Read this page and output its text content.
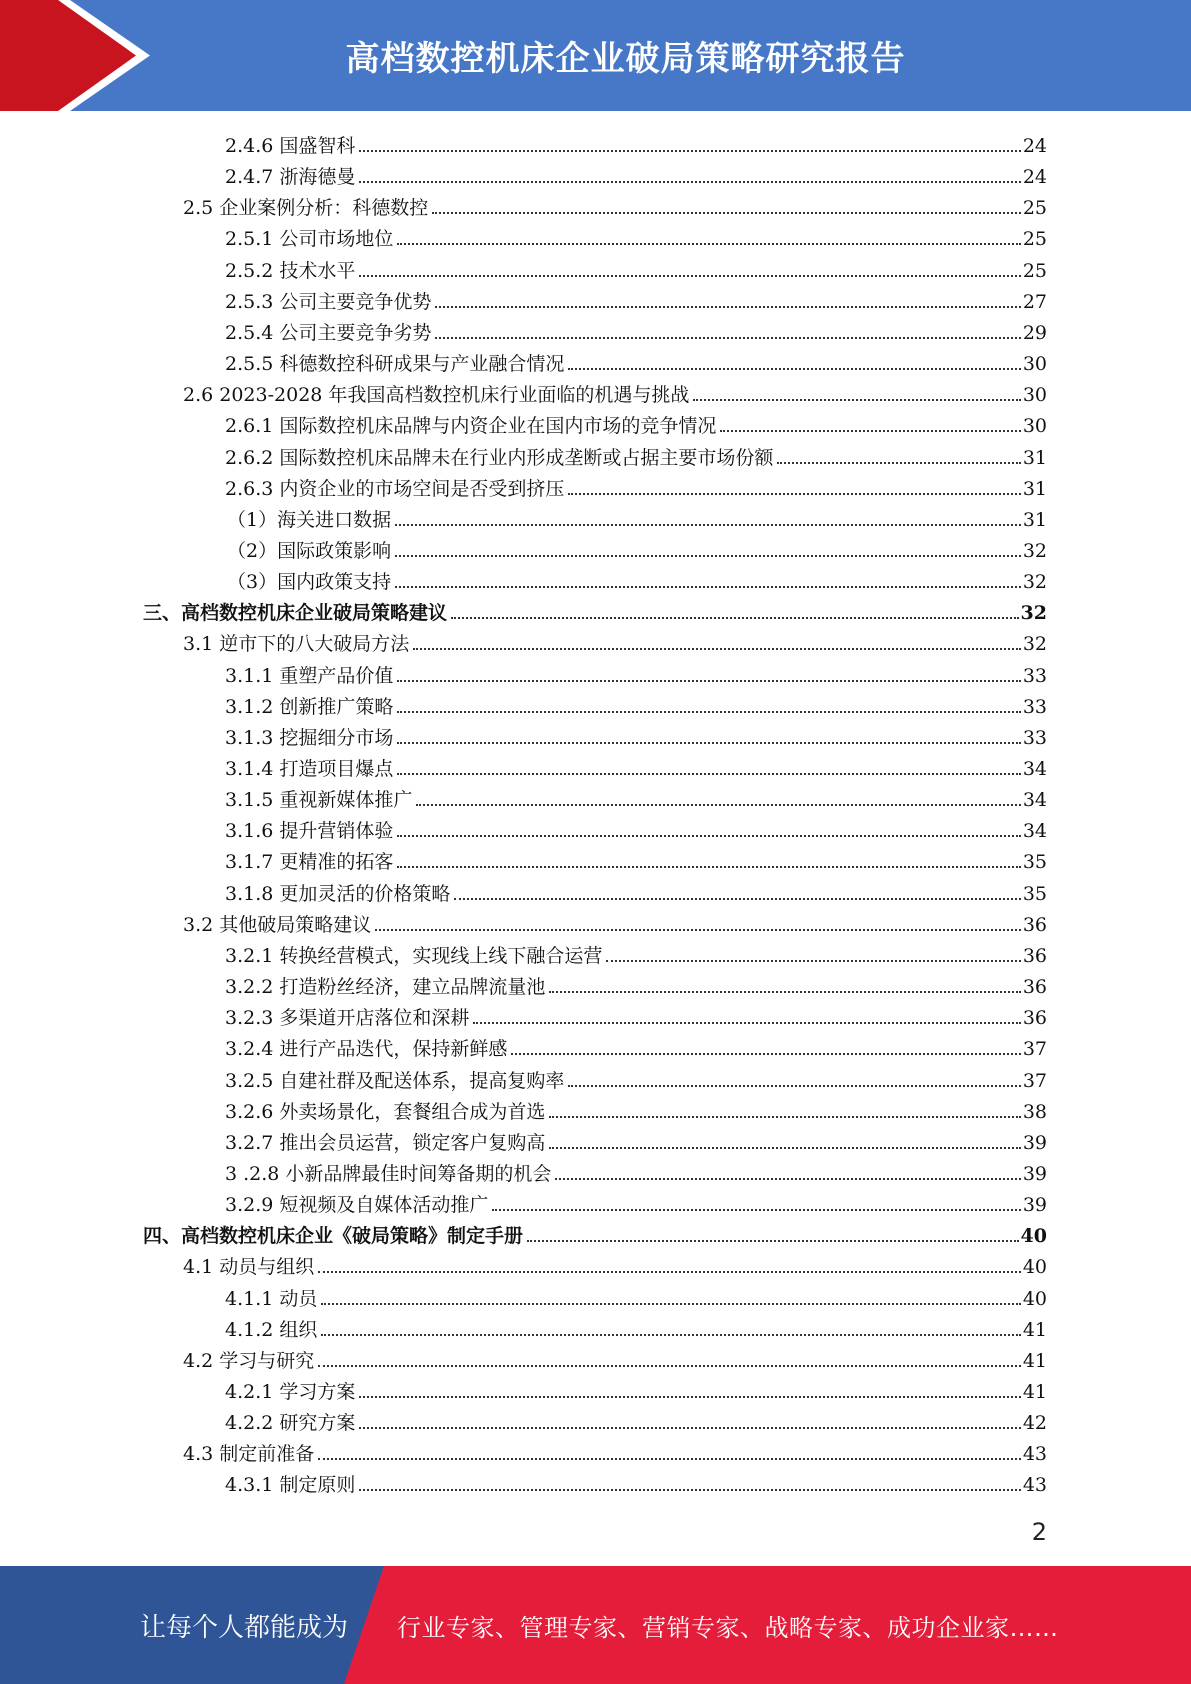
高档数控机床企业破局策略研究报告
2.4.6 国盛智科	24
2.4.7 浙海德曼	24
2.5 企业案例分析：科德数控	25
2.5.1 公司市场地位	25
2.5.2 技术水平	25
2.5.3 公司主要竞争优势	27
2.5.4 公司主要竞争劣势	29
2.5.5 科德数控科研成果与产业融合情况	30
2.6 2023-2028 年我国高档数控机床行业面临的机遇与挑战	30
2.6.1 国际数控机床品牌与内资企业在国内市场的竞争情况	30
2.6.2 国际数控机床品牌未在行业内形成垄断或占据主要市场份额	31
2.6.3 内资企业的市场空间是否受到挤压	31
（1）海关进口数据	31
（2）国际政策影响	32
（3）国内政策支持	32
三、高档数控机床企业破局策略建议	32
3.1 逆市下的八大破局方法	32
3.1.1 重塑产品价值	33
3.1.2 创新推广策略	33
3.1.3 挖掘细分市场	33
3.1.4 打造项目爆点	34
3.1.5 重视新媒体推广	34
3.1.6 提升营销体验	34
3.1.7 更精准的拓客	35
3.1.8 更加灵活的价格策略	35
3.2 其他破局策略建议	36
3.2.1 转换经营模式，实现线上线下融合运营	36
3.2.2 打造粉丝经济，建立品牌流量池	36
3.2.3 多渠道开店落位和深耕	36
3.2.4 进行产品迭代，保持新鲜感	37
3.2.5 自建社群及配送体系，提高复购率	37
3.2.6 外卖场景化，套餐组合成为首选	38
3.2.7 推出会员运营，锁定客户复购高	39
3 .2.8 小新品牌最佳时间筹备期的机会	39
3.2.9 短视频及自媒体活动推广	39
四、高档数控机床企业《破局策略》制定手册	40
4.1 动员与组织	40
4.1.1 动员	40
4.1.2 组织	41
4.2 学习与研究	41
4.2.1 学习方案	41
4.2.2 研究方案	42
4.3 制定前准备	43
4.3.1 制定原则	43
2
让每个人都能成为 行业专家、管理专家、营销专家、战略专家、成功企业家……
